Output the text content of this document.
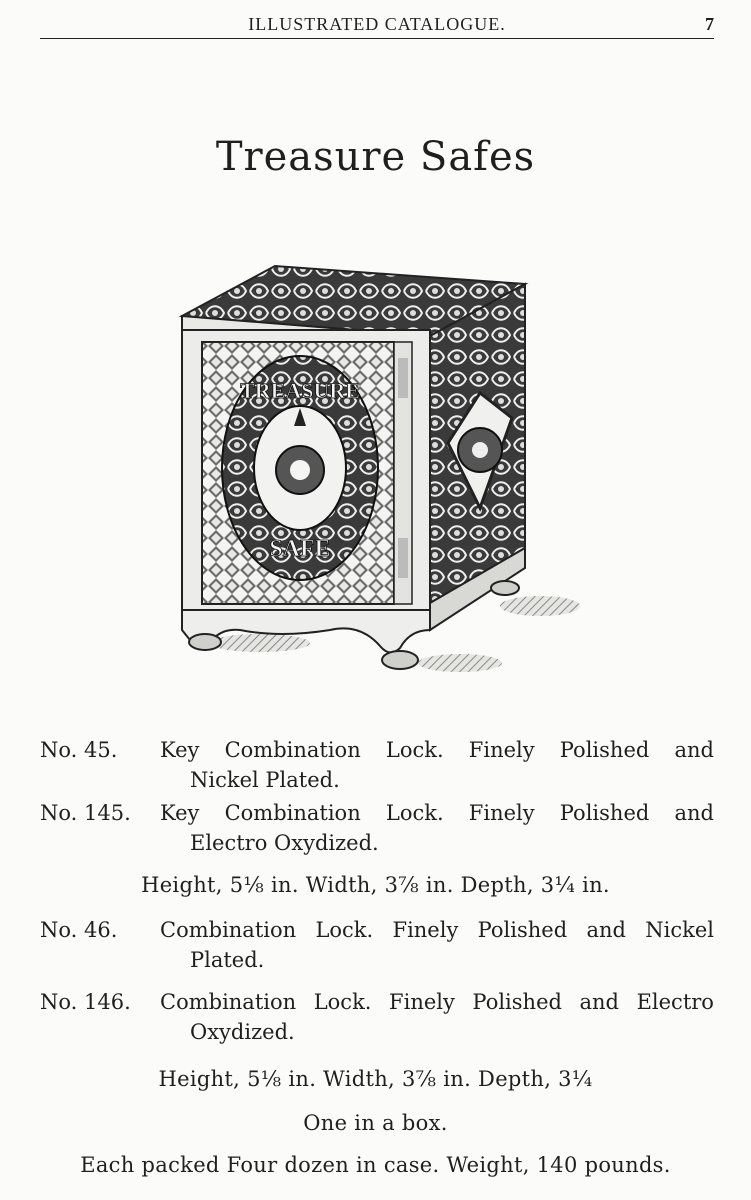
ILLUSTRATED CATALOGUE.	7
Treasure Safes
TREASURE
SAFE
No. 45. Key Combination Lock. Finely Polished and
Nickel Plated.
No. 145. Key Combination Lock. Finely Polished and
Electro Oxydized.
Height, 5⅛ in. Width, 3⅞ in. Depth, 3¼ in.
No. 46. Combination Lock. Finely Polished and Nickel
Plated.
No. 146. Combination Lock. Finely Polished and Electro
Oxydized.
Height, 5⅛ in. Width, 3⅞ in. Depth, 3¼
One in a box.
Each packed Four dozen in case. Weight, 140 pounds.
